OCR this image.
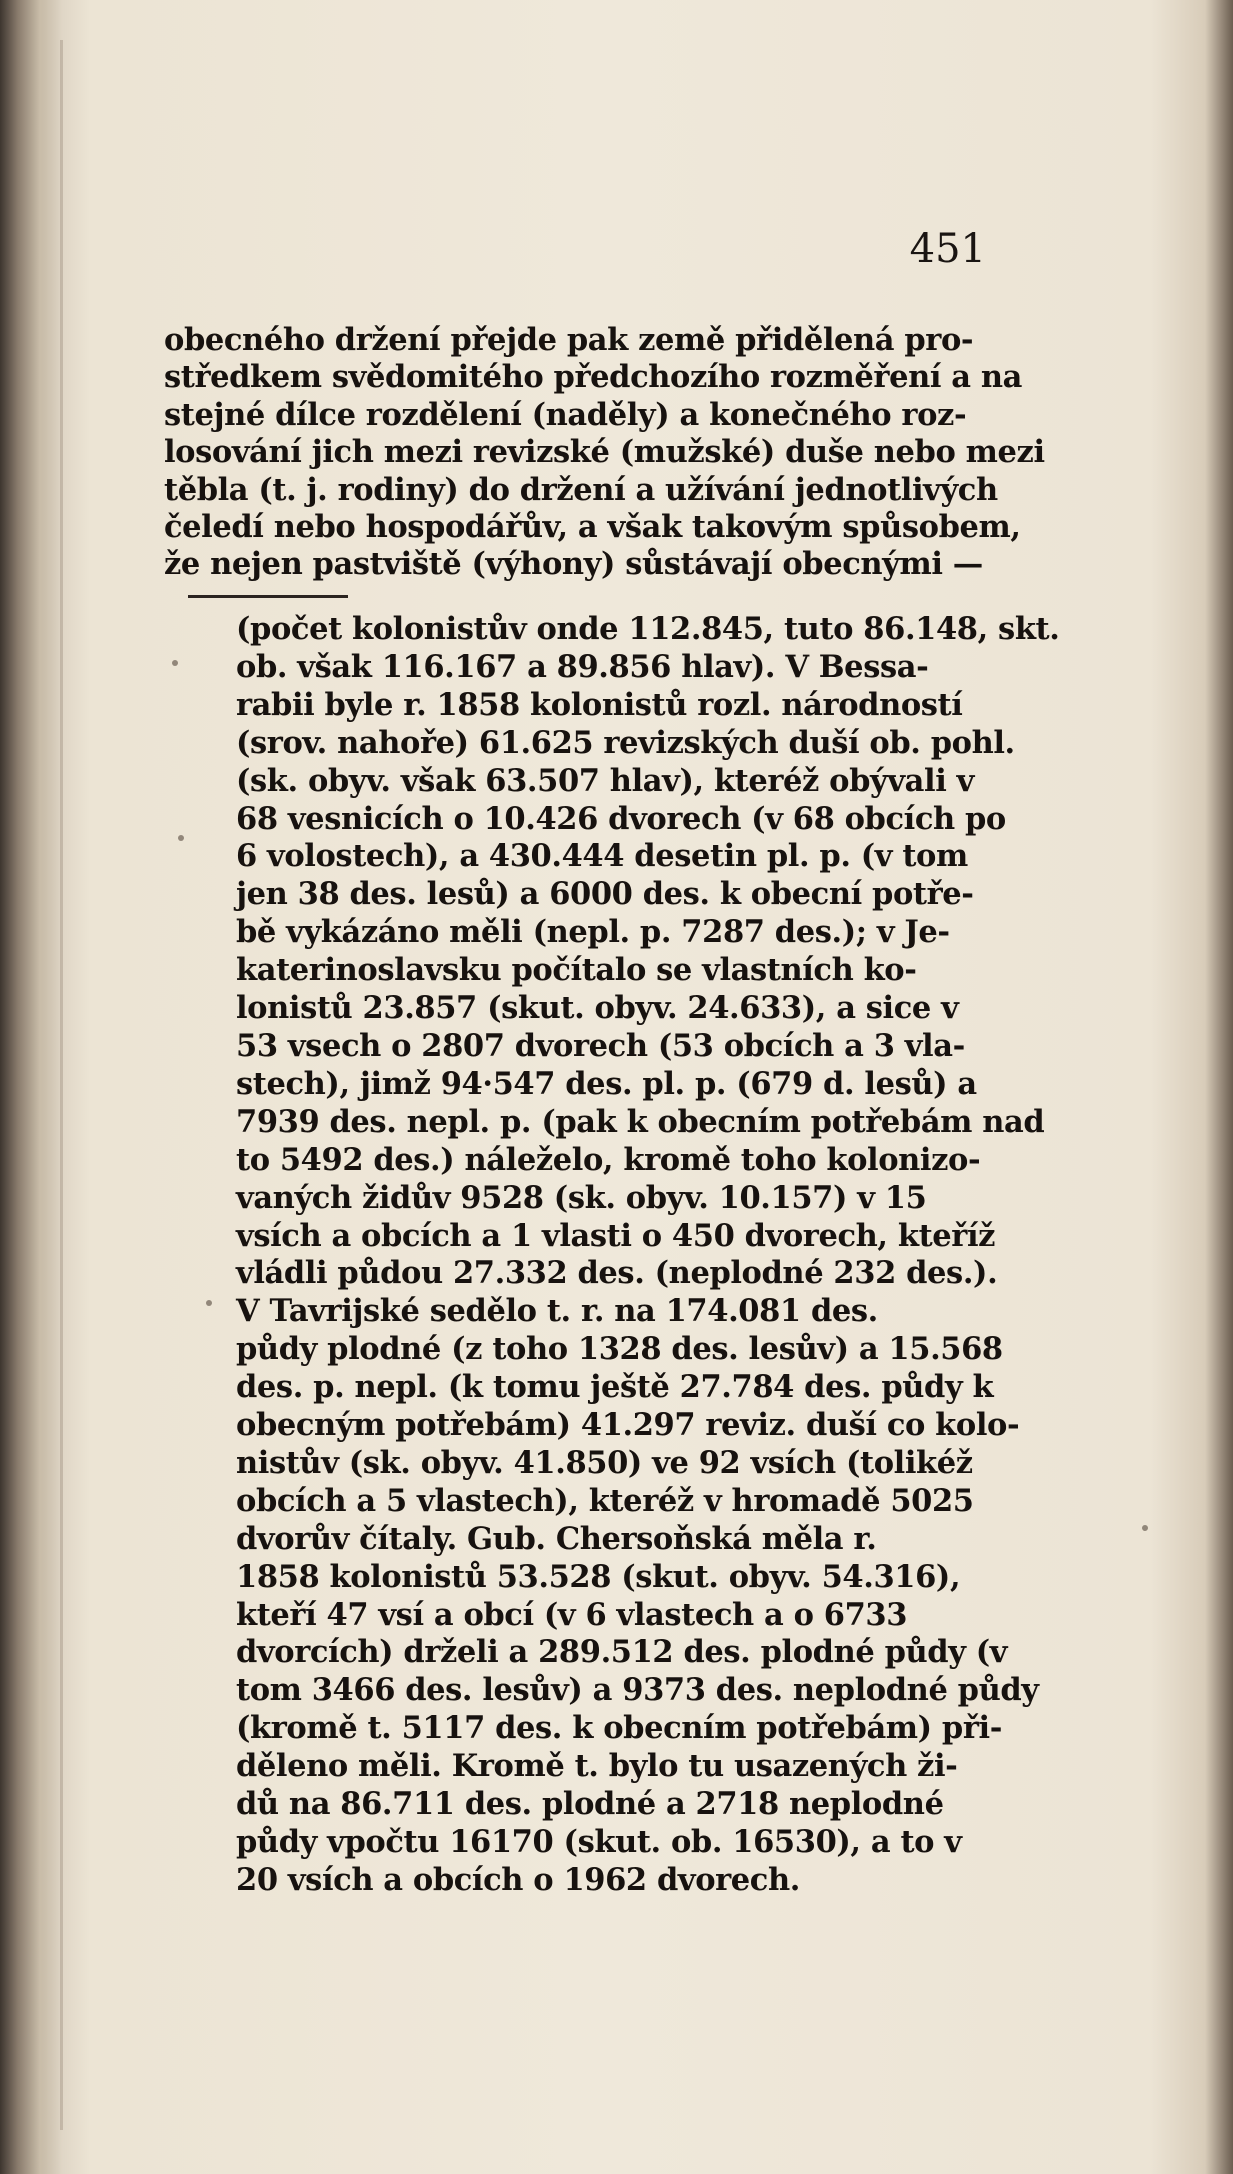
451
obecného držení přejde pak země přidělená pro-
středkem svědomitého předchozího rozměření a na
stejné dílce rozdělení (naděly) a konečného roz-
losování jich mezi revizské (mužské) duše nebo mezi
těbla (t. j. rodiny) do držení a užívání jednotlivých
čeledí nebo hospodářův, a však takovým spůsobem,
že nejen pastviště (výhony) sůstávají obecnými —
(počet kolonistův onde 112.845, tuto 86.148, skt.
ob. však 116.167 a 89.856 hlav). V Bessa-
rabii byle r. 1858 kolonistů rozl. národností
(srov. nahoře) 61.625 revizských duší ob. pohl.
(sk. obyv. však 63.507 hlav), kteréž obývali v
68 vesnicích o 10.426 dvorech (v 68 obcích po
6 volostech), a 430.444 desetin pl. p. (v tom
jen 38 des. lesů) a 6000 des. k obecní potře-
bě vykázáno měli (nepl. p. 7287 des.); v Je-
katerinoslavsku počítalo se vlastních ko-
lonistů 23.857 (skut. obyv. 24.633), a sice v
53 vsech o 2807 dvorech (53 obcích a 3 vla-
stech), jimž 94·547 des. pl. p. (679 d. lesů) a
7939 des. nepl. p. (pak k obecním potřebám nad
to 5492 des.) náleželo, kromě toho kolonizo-
vaných židův 9528 (sk. obyv. 10.157) v 15
vsích a obcích a 1 vlasti o 450 dvorech, kteříž
vládli půdou 27.332 des. (neplodné 232 des.).
V Tavrijské sedělo t. r. na 174.081 des.
půdy plodné (z toho 1328 des. lesův) a 15.568
des. p. nepl. (k tomu ještě 27.784 des. půdy k
obecným potřebám) 41.297 reviz. duší co kolo-
nistův (sk. obyv. 41.850) ve 92 vsích (tolikéž
obcích a 5 vlastech), kteréž v hromadě 5025
dvorův čítaly. Gub. Chersoňská měla r.
1858 kolonistů 53.528 (skut. obyv. 54.316),
kteří 47 vsí a obcí (v 6 vlastech a o 6733
dvorcích) drželi a 289.512 des. plodné půdy (v
tom 3466 des. lesův) a 9373 des. neplodné půdy
(kromě t. 5117 des. k obecním potřebám) při-
děleno měli. Kromě t. bylo tu usazených ži-
dů na 86.711 des. plodné a 2718 neplodné
půdy vpočtu 16170 (skut. ob. 16530), a to v
20 vsích a obcích o 1962 dvorech.
